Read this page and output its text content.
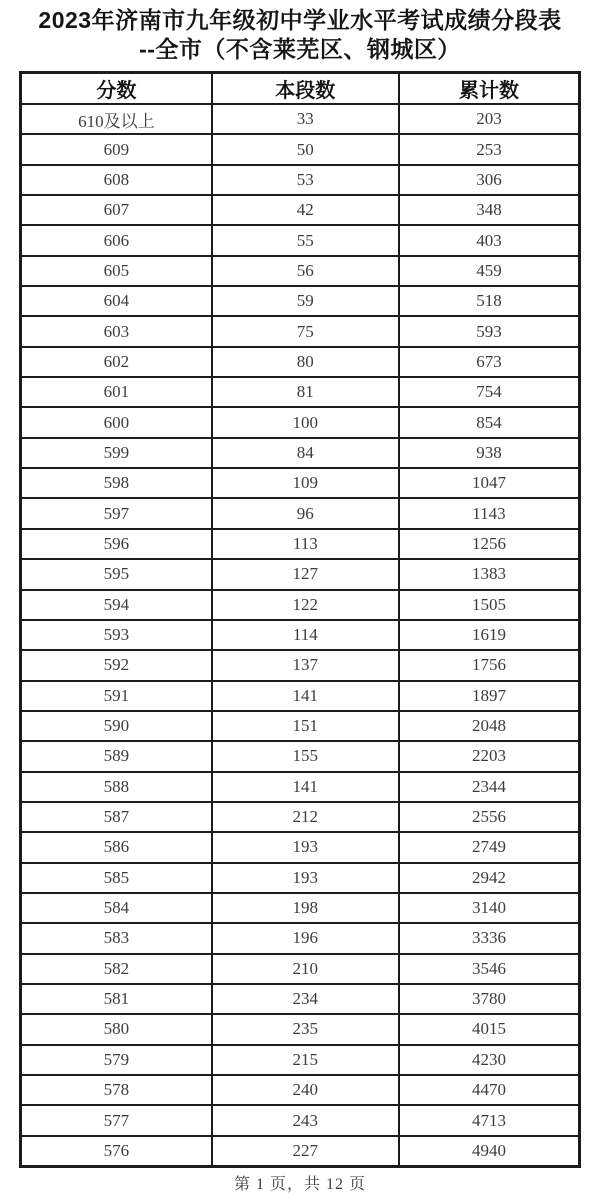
2023年济南市九年级初中学业水平考试成绩分段表
--全市（不含莱芜区、钢城区）
分数	本段数	累计数
610及以上	33	203
609	50	253
608	53	306
607	42	348
606	55	403
605	56	459
604	59	518
603	75	593
602	80	673
601	81	754
600	100	854
599	84	938
598	109	1047
597	96	1143
596	113	1256
595	127	1383
594	122	1505
593	114	1619
592	137	1756
591	141	1897
590	151	2048
589	155	2203
588	141	2344
587	212	2556
586	193	2749
585	193	2942
584	198	3140
583	196	3336
582	210	3546
581	234	3780
580	235	4015
579	215	4230
578	240	4470
577	243	4713
576	227	4940
第 1 页，共 12 页
